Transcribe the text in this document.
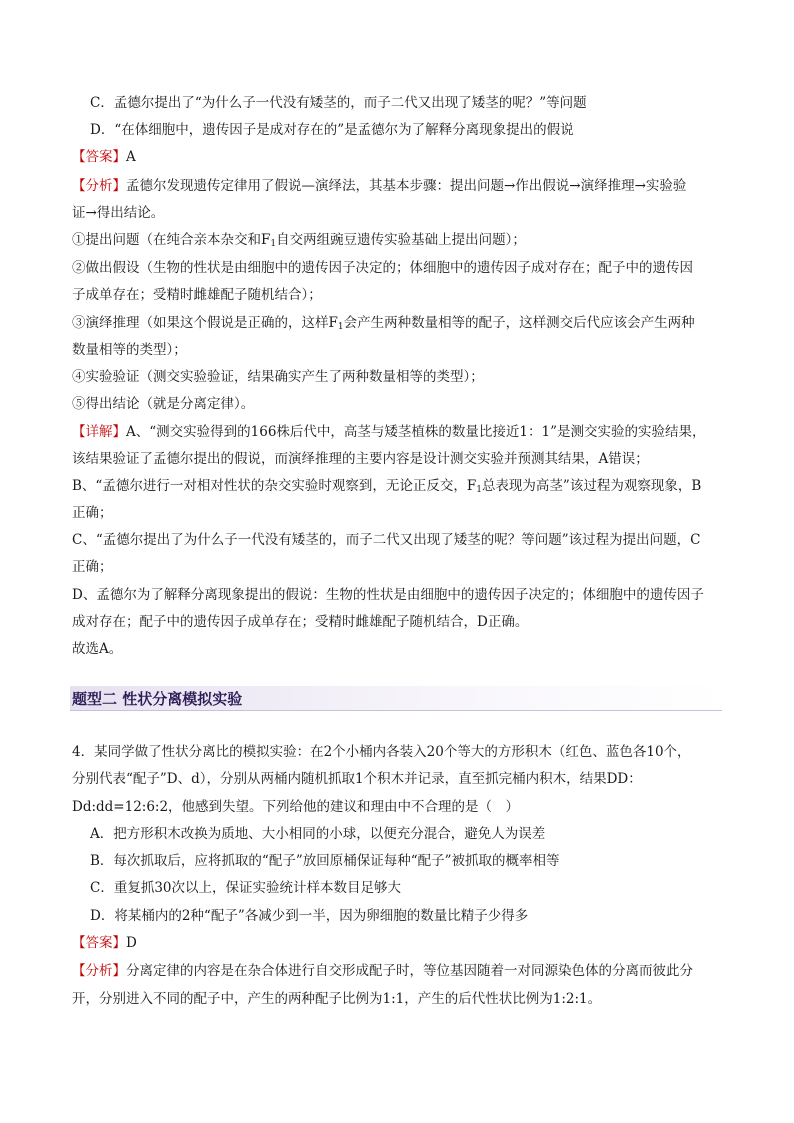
C．孟德尔提出了“为什么子一代没有矮茎的，而子二代又出现了矮茎的呢？”等问题
D．“在体细胞中，遗传因子是成对存在的”是孟德尔为了解释分离现象提出的假说
【答案】A
【分析】孟德尔发现遗传定律用了假说—演绎法，其基本步骤：提出问题→作出假说→演绎推理→实验验
证→得出结论。
①提出问题（在纯合亲本杂交和$F_1$自交两组豌豆遗传实验基础上提出问题）；
②做出假设（生物的性状是由细胞中的遗传因子决定的；体细胞中的遗传因子成对存在；配子中的遗传因
子成单存在；受精时雌雄配子随机结合）；
③演绎推理（如果这个假说是正确的，这样$F_1$会产生两种数量相等的配子，这样测交后代应该会产生两种
数量相等的类型）；
④实验验证（测交实验验证，结果确实产生了两种数量相等的类型）；
⑤得出结论（就是分离定律）。
【详解】A、“测交实验得到的166株后代中，高茎与矮茎植株的数量比接近1：1”是测交实验的实验结果，
该结果验证了孟德尔提出的假说，而演绎推理的主要内容是设计测交实验并预测其结果，A错误；
B、“孟德尔进行一对相对性状的杂交实验时观察到，无论正反交，$F_1$总表现为高茎”该过程为观察现象，B
正确；
C、“孟德尔提出了为什么子一代没有矮茎的，而子二代又出现了矮茎的呢？等问题”该过程为提出问题，C
正确；
D、孟德尔为了解释分离现象提出的假说：生物的性状是由细胞中的遗传因子决定的；体细胞中的遗传因子
成对存在；配子中的遗传因子成单存在；受精时雌雄配子随机结合，D正确。
故选A。
题型二 性状分离模拟实验
4．某同学做了性状分离比的模拟实验：在2个小桶内各装入20个等大的方形积木（红色、蓝色各10个，
分别代表“配子”D、d），分别从两桶内随机抓取1个积木并记录，直至抓完桶内积木，结果DD：
Dd:dd=12:6:2，他感到失望。下列给他的建议和理由中不合理的是（　）
A．把方形积木改换为质地、大小相同的小球，以便充分混合，避免人为误差
B．每次抓取后，应将抓取的“配子”放回原桶保证每种“配子”被抓取的概率相等
C．重复抓30次以上，保证实验统计样本数目足够大
D．将某桶内的2种“配子”各减少到一半，因为卵细胞的数量比精子少得多
【答案】D
【分析】分离定律的内容是在杂合体进行自交形成配子时，等位基因随着一对同源染色体的分离而彼此分
开，分别进入不同的配子中，产生的两种配子比例为1:1，产生的后代性状比例为1:2:1。
